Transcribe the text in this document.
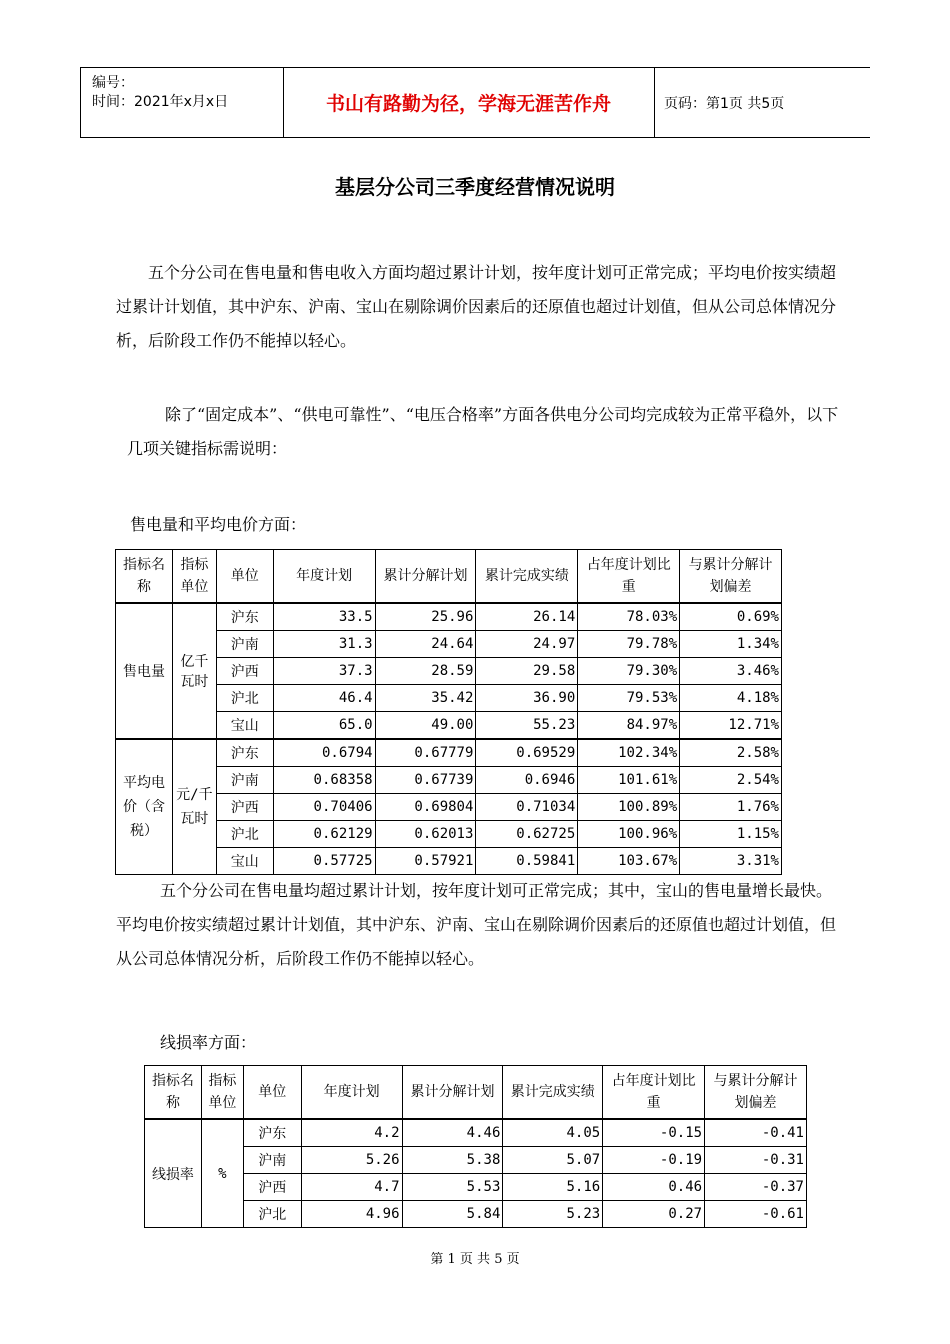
编号：
时间：2021年x月x日	书山有路勤为径，学海无涯苦作舟	页码：第1页 共5页
基层分公司三季度经营情况说明

五个分公司在售电量和售电收入方面均超过累计计划，按年度计划可正常完成；平均电价按实绩超过累计计划值，其中沪东、沪南、宝山在剔除调价因素后的还原值也超过计划值，但从公司总体情况分析，后阶段工作仍不能掉以轻心。

除了“固定成本”、“供电可靠性”、“电压合格率”方面各供电分公司均完成较为正常平稳外，以下几项关键指标需说明：

售电量和平均电价方面：
指标名称	指标单位	单位	年度计划	累计分解计划	累计完成实绩	占年度计划比重	与累计分解计划偏差
售电量	亿千瓦时	沪东	33.5	25.96	26.14	78.03%	0.69%
		沪南	31.3	24.64	24.97	79.78%	1.34%
		沪西	37.3	28.59	29.58	79.30%	3.46%
		沪北	46.4	35.42	36.90	79.53%	4.18%
		宝山	65.0	49.00	55.23	84.97%	12.71%
平均电价（含税）	元/千瓦时	沪东	0.6794	0.67779	0.69529	102.34%	2.58%
		沪南	0.68358	0.67739	0.6946	101.61%	2.54%
		沪西	0.70406	0.69804	0.71034	100.89%	1.76%
		沪北	0.62129	0.62013	0.62725	100.96%	1.15%
		宝山	0.57725	0.57921	0.59841	103.67%	3.31%

五个分公司在售电量均超过累计计划，按年度计划可正常完成；其中，宝山的售电量增长最快。平均电价按实绩超过累计计划值，其中沪东、沪南、宝山在剔除调价因素后的还原值也超过计划值，但从公司总体情况分析，后阶段工作仍不能掉以轻心。

线损率方面：
指标名称	指标单位	单位	年度计划	累计分解计划	累计完成实绩	占年度计划比重	与累计分解计划偏差
线损率	%	沪东	4.2	4.46	4.05	-0.15	-0.41
		沪南	5.26	5.38	5.07	-0.19	-0.31
		沪西	4.7	5.53	5.16	0.46	-0.37
		沪北	4.96	5.84	5.23	0.27	-0.61
第 1 页 共 5 页
